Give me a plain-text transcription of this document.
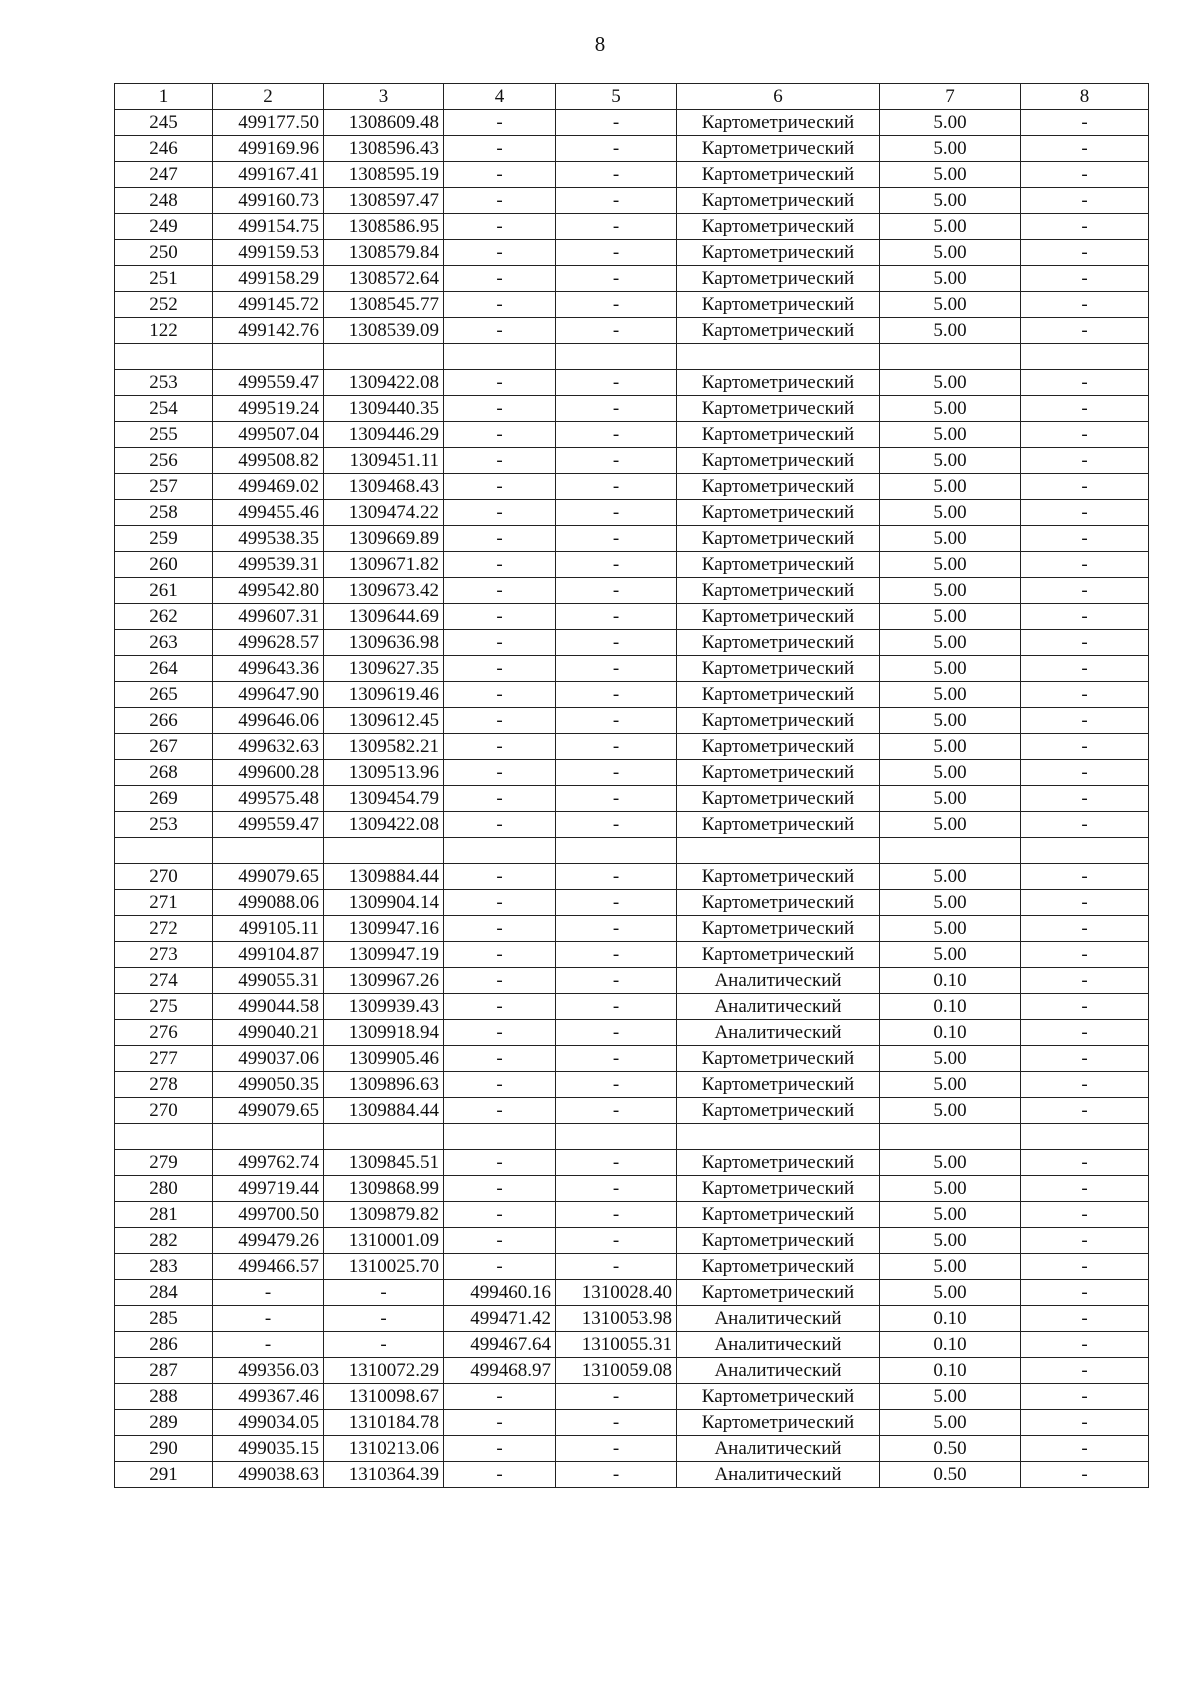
8
1	2	3	4	5	6	7	8
245	499177.50	1308609.48	-	-	Картометрический	5.00	-
246	499169.96	1308596.43	-	-	Картометрический	5.00	-
247	499167.41	1308595.19	-	-	Картометрический	5.00	-
248	499160.73	1308597.47	-	-	Картометрический	5.00	-
249	499154.75	1308586.95	-	-	Картометрический	5.00	-
250	499159.53	1308579.84	-	-	Картометрический	5.00	-
251	499158.29	1308572.64	-	-	Картометрический	5.00	-
252	499145.72	1308545.77	-	-	Картометрический	5.00	-
122	499142.76	1308539.09	-	-	Картометрический	5.00	-

253	499559.47	1309422.08	-	-	Картометрический	5.00	-
254	499519.24	1309440.35	-	-	Картометрический	5.00	-
255	499507.04	1309446.29	-	-	Картометрический	5.00	-
256	499508.82	1309451.11	-	-	Картометрический	5.00	-
257	499469.02	1309468.43	-	-	Картометрический	5.00	-
258	499455.46	1309474.22	-	-	Картометрический	5.00	-
259	499538.35	1309669.89	-	-	Картометрический	5.00	-
260	499539.31	1309671.82	-	-	Картометрический	5.00	-
261	499542.80	1309673.42	-	-	Картометрический	5.00	-
262	499607.31	1309644.69	-	-	Картометрический	5.00	-
263	499628.57	1309636.98	-	-	Картометрический	5.00	-
264	499643.36	1309627.35	-	-	Картометрический	5.00	-
265	499647.90	1309619.46	-	-	Картометрический	5.00	-
266	499646.06	1309612.45	-	-	Картометрический	5.00	-
267	499632.63	1309582.21	-	-	Картометрический	5.00	-
268	499600.28	1309513.96	-	-	Картометрический	5.00	-
269	499575.48	1309454.79	-	-	Картометрический	5.00	-
253	499559.47	1309422.08	-	-	Картометрический	5.00	-

270	499079.65	1309884.44	-	-	Картометрический	5.00	-
271	499088.06	1309904.14	-	-	Картометрический	5.00	-
272	499105.11	1309947.16	-	-	Картометрический	5.00	-
273	499104.87	1309947.19	-	-	Картометрический	5.00	-
274	499055.31	1309967.26	-	-	Аналитический	0.10	-
275	499044.58	1309939.43	-	-	Аналитический	0.10	-
276	499040.21	1309918.94	-	-	Аналитический	0.10	-
277	499037.06	1309905.46	-	-	Картометрический	5.00	-
278	499050.35	1309896.63	-	-	Картометрический	5.00	-
270	499079.65	1309884.44	-	-	Картометрический	5.00	-

279	499762.74	1309845.51	-	-	Картометрический	5.00	-
280	499719.44	1309868.99	-	-	Картометрический	5.00	-
281	499700.50	1309879.82	-	-	Картометрический	5.00	-
282	499479.26	1310001.09	-	-	Картометрический	5.00	-
283	499466.57	1310025.70	-	-	Картометрический	5.00	-
284	-	-	499460.16	1310028.40	Картометрический	5.00	-
285	-	-	499471.42	1310053.98	Аналитический	0.10	-
286	-	-	499467.64	1310055.31	Аналитический	0.10	-
287	499356.03	1310072.29	499468.97	1310059.08	Аналитический	0.10	-
288	499367.46	1310098.67	-	-	Картометрический	5.00	-
289	499034.05	1310184.78	-	-	Картометрический	5.00	-
290	499035.15	1310213.06	-	-	Аналитический	0.50	-
291	499038.63	1310364.39	-	-	Аналитический	0.50	-
